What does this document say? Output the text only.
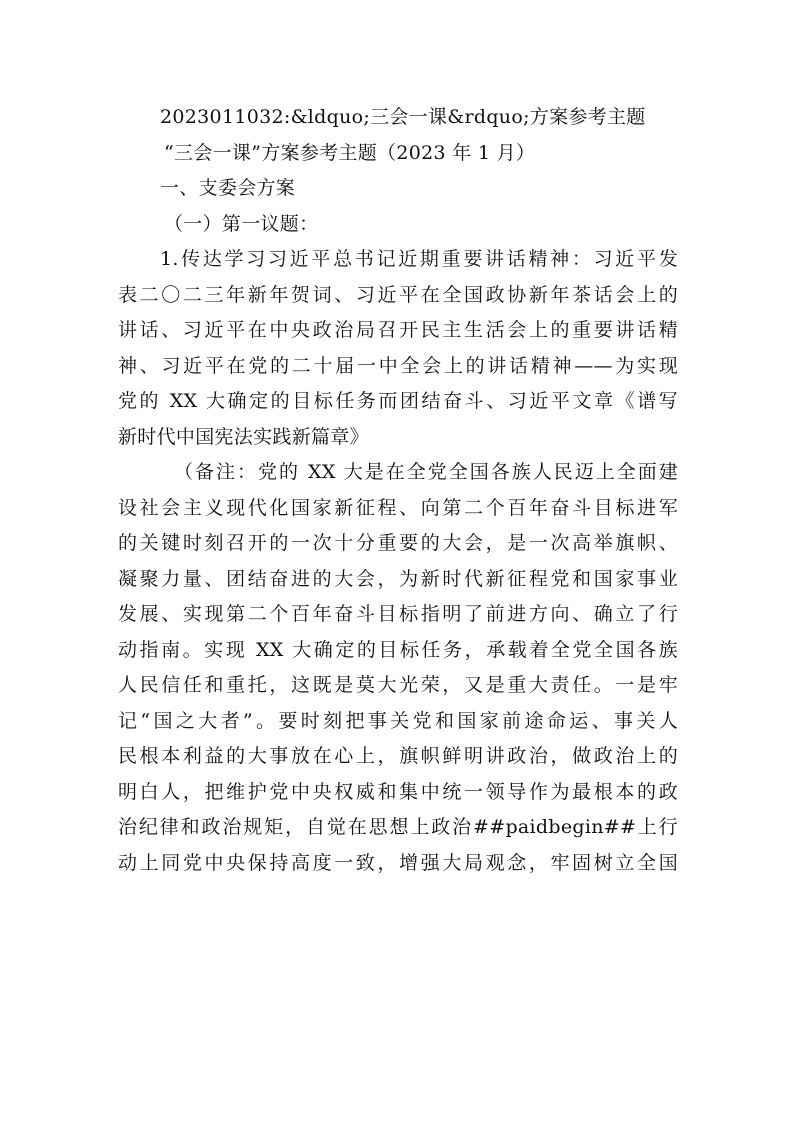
2023011032:&ldquo;三会一课&rdquo;方案参考主题
“三会一课”方案参考主题（2023 年 1 月）
一、支委会方案
（一）第一议题：
1.传达学习习近平总书记近期重要讲话精神：习近平发
表二〇二三年新年贺词、习近平在全国政协新年茶话会上的
讲话、习近平在中央政治局召开民主生活会上的重要讲话精
神、习近平在党的二十届一中全会上的讲话精神——为实现
党的 XX 大确定的目标任务而团结奋斗、习近平文章《谱写
新时代中国宪法实践新篇章》
（备注：党的 XX 大是在全党全国各族人民迈上全面建
设社会主义现代化国家新征程、向第二个百年奋斗目标进军
的关键时刻召开的一次十分重要的大会，是一次高举旗帜、
凝聚力量、团结奋进的大会，为新时代新征程党和国家事业
发展、实现第二个百年奋斗目标指明了前进方向、确立了行
动指南。实现 XX 大确定的目标任务，承载着全党全国各族
人民信任和重托，这既是莫大光荣，又是重大责任。一是牢
记“国之大者”。要时刻把事关党和国家前途命运、事关人
民根本利益的大事放在心上，旗帜鲜明讲政治，做政治上的
明白人，把维护党中央权威和集中统一领导作为最根本的政
治纪律和政治规矩，自觉在思想上政治##paidbegin##上行
动上同党中央保持高度一致，增强大局观念，牢固树立全国
